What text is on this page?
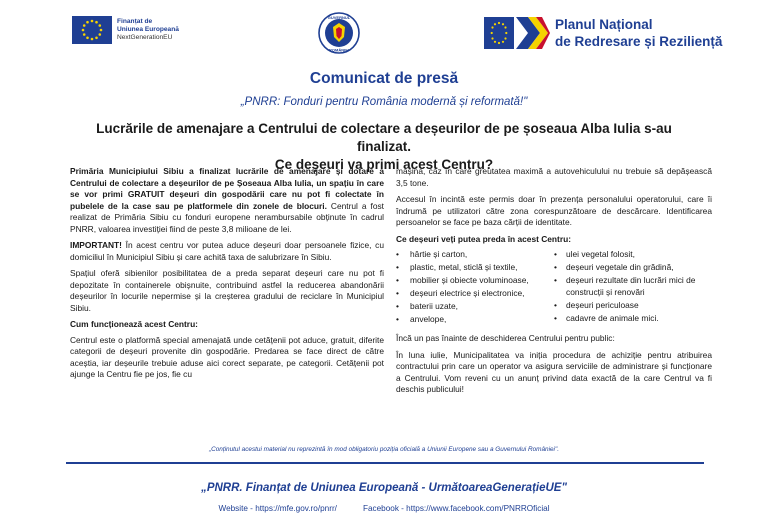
Finanțat de
Uniunea Europeană
NextGenerationEU
GUVERNUL
ROMÂNIEI
Planul Național
de Redresare și Reziliență
Comunicat de presă
„PNRR: Fonduri pentru România modernă și reformată!"
Lucrările de amenajare a Centrului de colectare a deșeurilor de pe șoseaua Alba Iulia s-au finalizat.
Ce deșeuri va primi acest Centru?

Primăria Municipiului Sibiu a finalizat lucrările de amenajare și dotare a Centrului de colectare a deșeurilor de pe Șoseaua Alba Iulia, un spațiu în care se vor primi GRATUIT deșeuri din gospodării care nu pot fi colectate în pubelele de la case sau pe platformele din zonele de blocuri. Centrul a fost realizat de Primăria Sibiu cu fonduri europene nerambursabile obținute în cadrul PNRR, valoarea investiției fiind de peste 3,8 milioane de lei.

IMPORTANT! În acest centru vor putea aduce deșeuri doar persoanele fizice, cu domiciliul în Municipiul Sibiu și care achită taxa de salubrizare în Sibiu.

Spațiul oferă sibienilor posibilitatea de a preda separat deșeuri care nu pot fi depozitate în containerele obișnuite, contribuind astfel la reducerea abandonării deșeurilor în locurile nepermise și la creșterea gradului de reciclare în Municipiul Sibiu.

Cum funcționează acest Centru:

Centrul este o platformă special amenajată unde cetățenii pot aduce, gratuit, diferite categorii de deșeuri provenite din gospodărie. Predarea se face direct de către aceștia, iar deșeurile trebuie aduse aici corect separate, pe categorii. Cetățenii pot ajunge la Centru fie pe jos, fie cu

mașina, caz în care greutatea maximă a autovehiculului nu trebuie să depășească 3,5 tone.

Accesul în incintă este permis doar în prezența personalului operatorului, care îi îndrumă pe utilizatori către zona corespunzătoare de descărcare. Identificarea persoanelor se face pe baza cărții de identitate.

Ce deșeuri veți putea preda în acest Centru:
• hârtie și carton,
• plastic, metal, sticlă și textile,
• mobilier și obiecte voluminoase,
• deșeuri electrice și electronice,
• baterii uzate,
• anvelope,
• ulei vegetal folosit,
• deșeuri vegetale din grădină,
• deșeuri rezultate din lucrări mici de construcții și renovări
• deșeuri periculoase
• cadavre de animale mici.

Încă un pas înainte de deschiderea Centrului pentru public:

În luna iulie, Municipalitatea va iniția procedura de achiziție pentru atribuirea contractului prin care un operator va asigura serviciile de administrare și funcționare a Centrului. Vom reveni cu un anunț privind data exactă de la care Centrul va fi deschis publicului!

„Conținutul acestui material nu reprezintă în mod obligatoriu poziția oficială a Uniunii Europene sau a Guvernului României".
„PNRR. Finanțat de Uniunea Europeană - UrmătoareaGenerațieUE"
Website - https://mfe.gov.ro/pnrr/	Facebook - https://www.facebook.com/PNRROficial
